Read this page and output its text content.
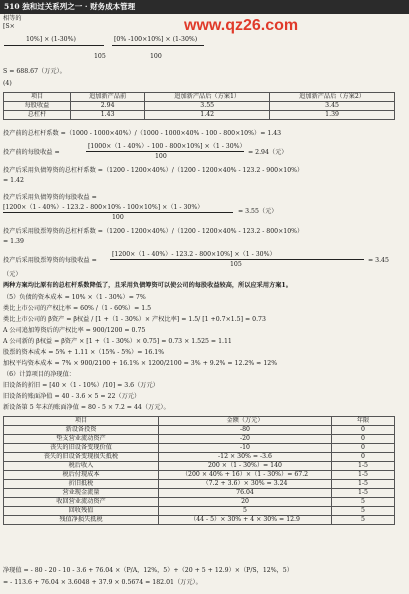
510 独和过关系列之一 · 财务成本管理
www.qz26.com
相等的
[S×
10%] × (1-30%)	[0% -100×10%] × (1-30%)
105	100
S = 688.67（万元）。
(4)
项目	追加新产品前	追加新产品后（方案1）	追加新产品后（方案2）
每股收益	2.94	3.55	3.45
总杠杆	1.43	1.42	1.39
投产前的总杠杆系数 =（1000 - 1000×40%）/（1000 - 1000×40% - 100 - 800×10%）= 1.43
投产前的每股收益 =
[1000×（1 - 40%）- 100 - 800×10%] ×（1 - 30%）
100
= 2.94（元）
投产后采用负债筹资的总杠杆系数 =（1200 - 1200×40%）/（1200 - 1200×40% - 123.2 - 900×10%）
= 1.42
投产后采用负债筹资的每股收益 =
[1200×（1 - 40%）- 123.2 - 800×10% - 100×10%] ×（1 - 30%）
100
= 3.55（元）
投产后采用股票筹资的总杠杆系数 =（1200 - 1200×40%）/（1200 - 1200×40% - 123.2 - 800×10%）
= 1.39
投产后采用股票筹资的每股收益 =
[1200×（1 - 40%）- 123.2 - 800×10%] ×（1 - 30%）
105
= 3.45
（元）
两种方案均比原有的总杠杆系数降低了，且采用负债筹资可以使公司的每股收益较高，所以应采用方案1。
（5）负债的资本成本 = 10% ×（1 - 30%）= 7%
类比上市公司的产权比率 = 60% /（1 - 60%）= 1.5
类比上市公司的 β资产 = β权益 / [1 +（1 - 30%）× 产权比率] = 1.5/ [1 +0.7×1.5] = 0.73
A 公司追加筹资后的产权比率 = 900/1200 = 0.75
A 公司新的 β权益 = β资产 × [1 +（1 - 30%）× 0.75] = 0.73 × 1.525 = 1.11
股票的资本成本 = 5% + 1.11 ×（15% - 5%）= 16.1%
加权平均资本成本 = 7% × 900/2100 + 16.1% × 1200/2100 = 3% + 9.2% = 12.2% ≈ 12%
（6）计算项目的净现值：
旧设备的折旧 = [40 ×（1 - 10%）/10] = 3.6（万元）
旧设备的账面净值 = 40 - 3.6 × 5 = 22（万元）
新设备第 5 年末的账面净值 = 80 - 5 × 7.2 = 44（万元）。
项目	金额（万元）	年限
新设备投资	-80	0
垫支营业流动资产	-20	0
丧失的旧设备变现价值	-10	0
丧失的旧设备变现损失抵税	-12 × 30% = -3.6	0
税后收入	200 ×（1 - 30%）= 140	1-5
税后付现成本	（200 × 40% + 16）×（1 - 30%）= 67.2	1-5
折旧抵税	（7.2 + 3.6）× 30% = 3.24	1-5
营业现金流量	76.04	1-5
收回营业流动资产	20	5
回收残值	5	5
残值净损失抵税	（44 - 5）× 30% + 4 × 30% = 12.9	5
净现值 = - 80 - 20 - 10 - 3.6 + 76.04 ×（P/A，12%，5）+（20 + 5 + 12.9）×（P/S，12%，5）
= - 113.6 + 76.04 × 3.6048 + 37.9 × 0.5674 = 182.01（万元）。
